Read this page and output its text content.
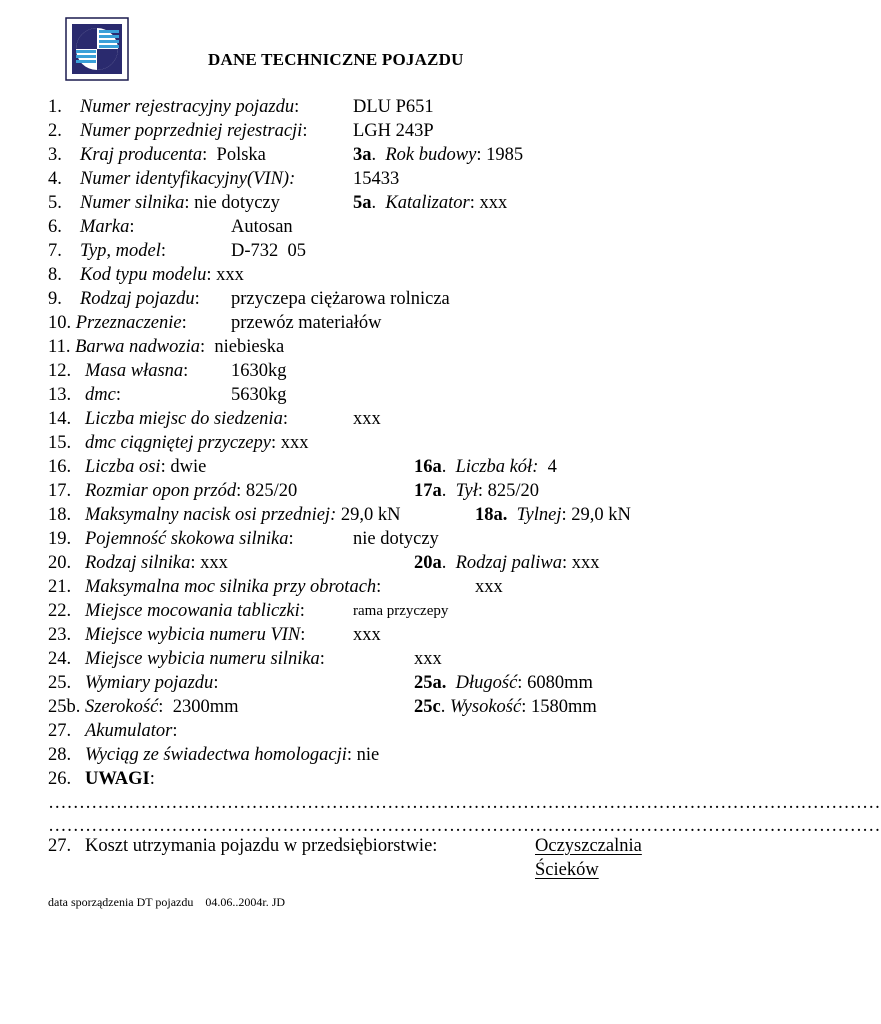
DANE TECHNICZNE POJAZDU
1. Numer rejestracyjny pojazdu:	DLU P651
2. Numer poprzedniej rejestracji: LGH 243P
3. Kraj producenta: Polska	3a. Rok budowy: 1985
4. Numer identyfikacyjny(VIN):	15433
5. Numer silnika: nie dotyczy	5a. Katalizator: xxx
6. Marka:	Autosan
7. Typ, model:	D-732  05
8. Kod typu modelu: xxx
9. Rodzaj pojazdu: przyczepa ciężarowa rolnicza
10. Przeznaczenie: przewóz materiałów
11. Barwa nadwozia: niebieska
12. Masa własna: 1630kg
13. dmc:	5630kg
14. Liczba miejsc do siedzenia:	xxx
15. dmc ciągniętej przyczepy: xxx
16. Liczba osi: dwie	16a. Liczba kół: 4
17. Rozmiar opon przód: 825/20	17a. Tył: 825/20
18. Maksymalny nacisk osi przedniej: 29,0 kN	18a. Tylnej: 29,0 kN
19. Pojemność skokowa silnika:	nie dotyczy
20. Rodzaj silnika: xxx	20a. Rodzaj paliwa: xxx
21. Maksymalna moc silnika przy obrotach:	xxx
22. Miejsce mocowania tabliczki:	rama przyczepy
23. Miejsce wybicia numeru VIN:	xxx
24. Miejsce wybicia numeru silnika:	xxx
25. Wymiary pojazdu:	25a. Długość: 6080mm
25b. Szerokość: 2300mm	25c. Wysokość: 1580mm
27. Akumulator:
28. Wyciąg ze świadectwa homologacji: nie
26. UWAGI:
………………………………………………………………………………………………………………………
………………………………………………………………………………………………………………………
27. Koszt utrzymania pojazdu w przedsiębiorstwie:	Oczyszczalnia
Ścieków
data sporządzenia DT pojazdu 04.06..2004r. JD
